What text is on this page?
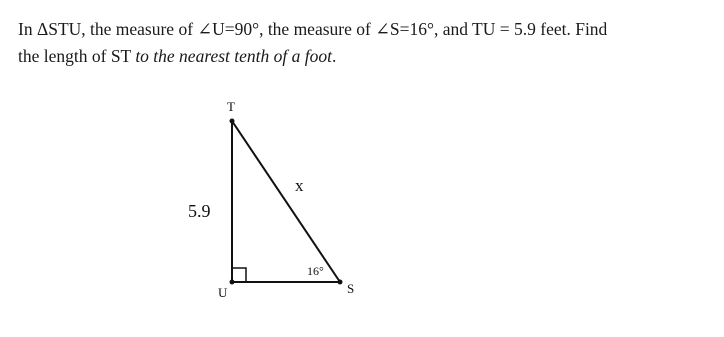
In ΔSTU, the measure of ∠U=90°, the measure of ∠S=16°, and TU = 5.9 feet. Find
the length of ST to the nearest tenth of a foot.

T
U	S
5.9
x
16°
